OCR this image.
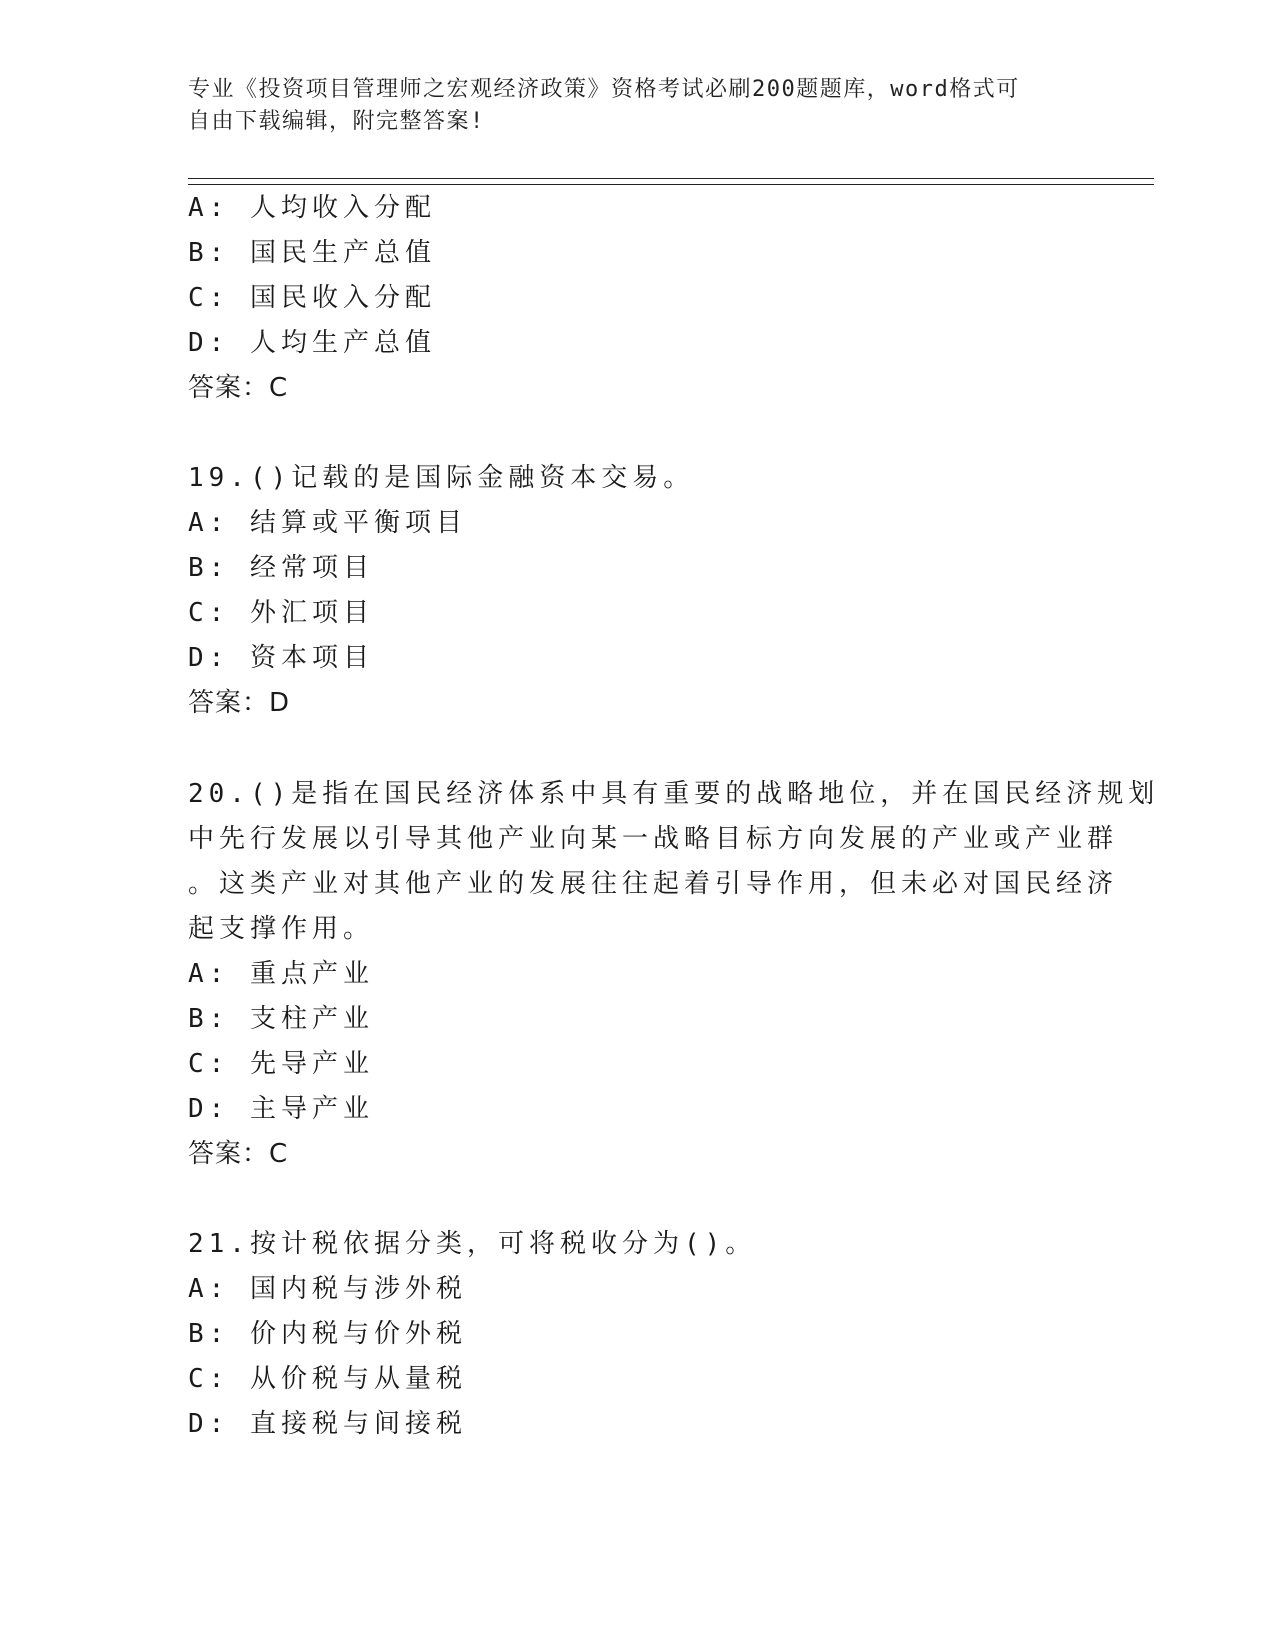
专业《投资项目管理师之宏观经济政策》资格考试必刷200题题库，word格式可
自由下载编辑，附完整答案!
A: 人均收入分配
B: 国民生产总值
C: 国民收入分配
D: 人均生产总值
答案：C
19.()记载的是国际金融资本交易。
A: 结算或平衡项目
B: 经常项目
C: 外汇项目
D: 资本项目
答案：D
20.()是指在国民经济体系中具有重要的战略地位，并在国民经济规划
中先行发展以引导其他产业向某一战略目标方向发展的产业或产业群
。这类产业对其他产业的发展往往起着引导作用，但未必对国民经济
起支撑作用。
A: 重点产业
B: 支柱产业
C: 先导产业
D: 主导产业
答案：C
21.按计税依据分类，可将税收分为()。
A: 国内税与涉外税
B: 价内税与价外税
C: 从价税与从量税
D: 直接税与间接税
